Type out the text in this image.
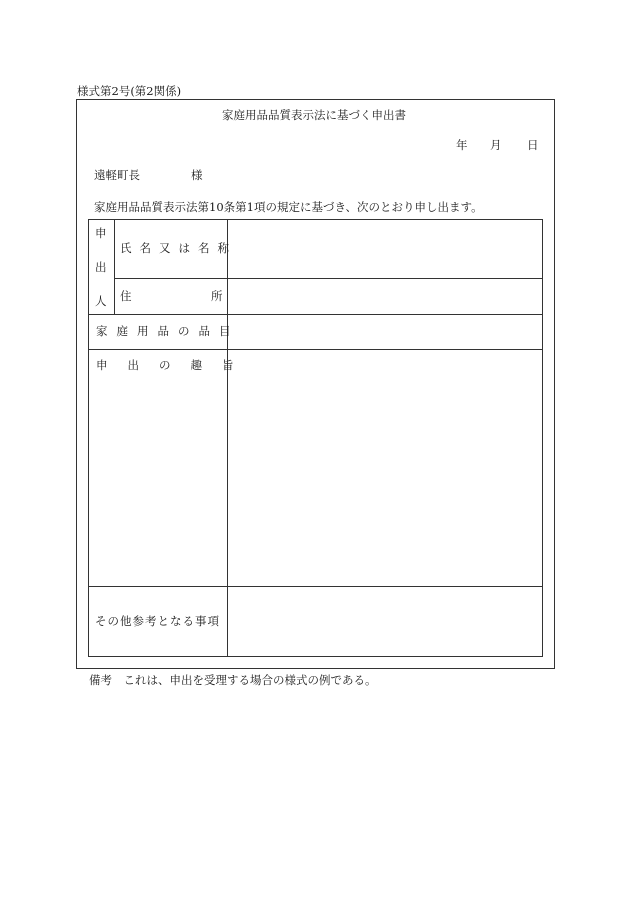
様式第2号(第2関係)
家庭用品品質表示法に基づく申出書
年 月 日
遠軽町長	様
家庭用品品質表示法第10条第1項の規定に基づき、次のとおり申し出ます。
申
出
人
氏名又は名称
住	所
家庭用品の品目
申出の趣旨
その他参考となる事項
備考　これは、申出を受理する場合の様式の例である。
